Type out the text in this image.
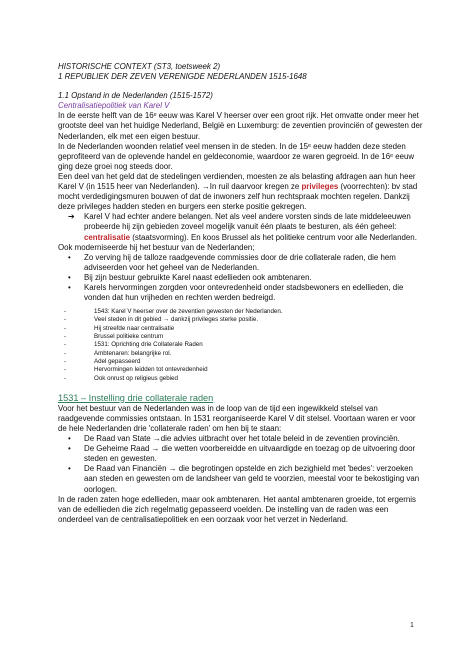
HISTORISCHE CONTEXT (ST3, toetsweek 2)

1 REPUBLIEK DER ZEVEN VERENIGDE NEDERLANDEN 1515-1648

1.1 Opstand in de Nederlanden (1515-1572)

Centralisatiepolitiek van Karel V

In de eerste helft van de 16ᵉ eeuw was Karel V heerser over een groot rijk. Het omvatte onder meer het grootste deel van het huidige Nederland, België en Luxemburg: de zeventien provinciën of gewesten der Nederlanden, elk met een eigen bestuur.

In de Nederlanden woonden relatief veel mensen in de steden. In de 15ᵉ eeuw hadden deze steden geprofiteerd van de oplevende handel en geldeconomie, waardoor ze waren gegroeid. In de 16ᵉ eeuw ging deze groei nog steeds door.

Een deel van het geld dat de stedelingen verdienden, moesten ze als belasting afdragen aan hun heer Karel V (in 1515 heer van Nederlanden). →In ruil daarvoor kregen ze privileges (voorrechten): bv stad mocht verdedigingsmuren bouwen of dat de inwoners zelf hun rechtspraak mochten regelen. Dankzij deze privileges hadden steden en burgers een sterke positie gekregen.

➔ Karel V had echter andere belangen. Net als veel andere vorsten sinds de late middeleeuwen probeerde hij zijn gebieden zoveel mogelijk vanuit één plaats te besturen, als één geheel: centralisatie (staatsvorming). En koos Brussel als het politieke centrum voor alle Nederlanden.

Ook moderniseerde hij het bestuur van de Nederlanden;

• Zo verving hij de talloze raadgevende commissies door de drie collaterale raden, die hem adviseerden voor het geheel van de Nederlanden.
• Bij zijn bestuur gebruikte Karel naast edellieden ook ambtenaren.
• Karels hervormingen zorgden voor ontevredenheid onder stadsbewoners en edellieden, die vonden dat hun vrijheden en rechten werden bedreigd.
-	1543: Karel V heerser over de zeventien gewesten der Nederlanden.
-	Veel steden in dit gebied → dankzij privileges sterke positie.
-	Hij streefde naar centralisatie
-	Brussel politieke centrum
-	1531: Oprichting drie Collaterale Raden
-	Ambtenaren: belangrijke rol.
-	Adel gepasseerd
-	Hervormingen leidden tot ontevredenheid
-	Ook onrust op religieus gebied

1531 – Instelling drie collaterale raden

Voor het bestuur van de Nederlanden was in de loop van de tijd een ingewikkeld stelsel van raadgevende commissies ontstaan. In 1531 reorganiseerde Karel V dit stelsel. Voortaan waren er voor de hele Nederlanden drie 'collaterale raden' om hen bij te staan:

• De Raad van State →die advies uitbracht over het totale beleid in de zeventien provinciën.
• De Geheime Raad → die wetten voorbereidde en uitvaardigde en toezag op de uitvoering door steden en gewesten.
• De Raad van Financiën → die begrotingen opstelde en zich bezighield met 'bedes': verzoeken aan steden en gewesten om de landsheer van geld te voorzien, meestal voor te bekostiging van oorlogen.

In de raden zaten hoge edellieden, maar ook ambtenaren. Het aantal ambtenaren groeide, tot ergernis van de edellieden die zich regelmatig gepasseerd voelden. De instelling van de raden was een onderdeel van de centralisatiepolitiek en een oorzaak voor het verzet in Nederland.

1
